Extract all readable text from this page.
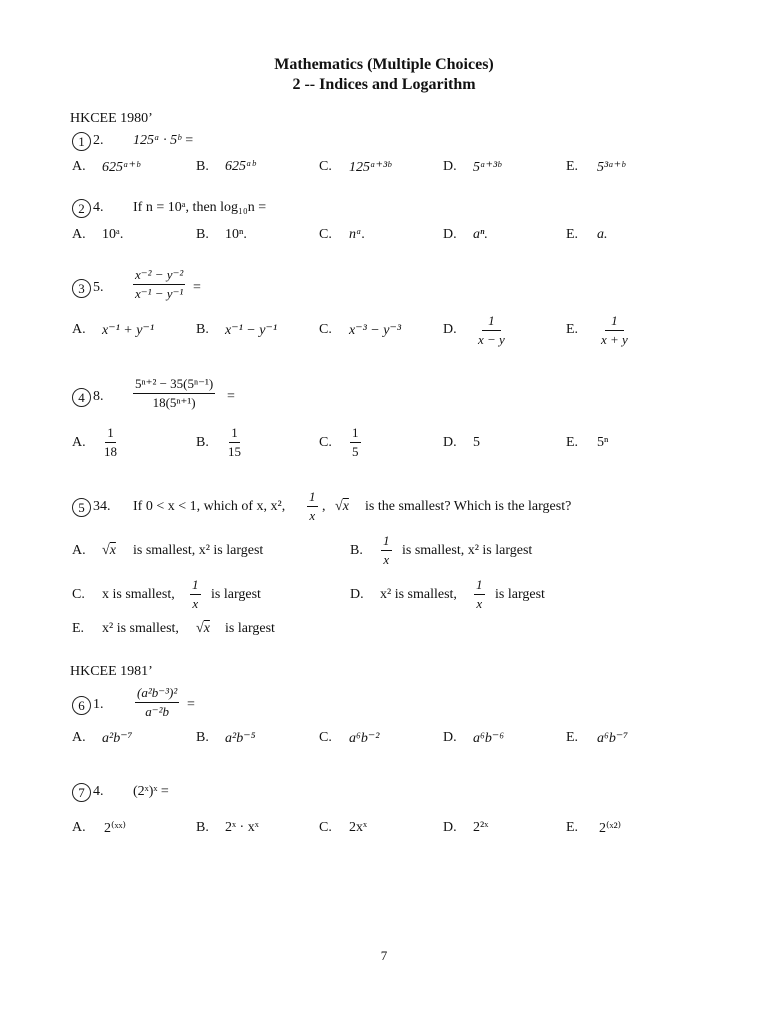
Mathematics (Multiple Choices)
2 -- Indices and Logarithm
HKCEE 1980’
1 2. 125ᵃ · 5ᵇ =
A. 625ᵃ⁺ᵇ	B. 625ᵃᵇ	C. 125ᵃ⁺³ᵇ	D. 5ᵃ⁺³ᵇ	E. 5³ᵃ⁺ᵇ
2 4. If n = 10ᵃ, then log₁₀n =
A. 10ᵃ.	B. 10ⁿ.	C. nᵃ.	D. aⁿ.	E. a.
3 5. $\frac{\text{x⁻² − y⁻²}}{\text{x⁻¹ − y⁻¹}}$ =
A. x⁻¹ + y⁻¹	B. x⁻¹ − y⁻¹	C. x⁻³ − y⁻³	D. $\frac{1}{x - y}$	E. $\frac{1}{x + y}$
4 8. $\frac{\text{5ⁿ⁺² − 35(5ⁿ⁻¹)}}{\text{18(5ⁿ⁺¹)}}$ =
A. $\frac{1}{18}$	B. $\frac{1}{15}$	C. $\frac{1}{5}$	D. 5	E. 5ⁿ
5 34. If 0 < x < 1, which of x, x², $\frac{1}{x}$ , √x is the smallest? Which is the largest?
A. √x is smallest, x² is largest	B. $\frac{1}{x}$ is smallest, x² is largest
C. x is smallest, $\frac{1}{x}$ is largest	D. x² is smallest, $\frac{1}{x}$ is largest
E. x² is smallest, √x is largest
HKCEE 1981’
6 1. $\frac{\text{(a²b⁻³)²}}{\text{a⁻²b}}$ =
A. a²b⁻⁷	B. a²b⁻⁵	C. a⁶b⁻²	D. a⁶b⁻⁶	E. a⁶b⁻⁷
7 4. (2ˣ)ˣ =
A. 2⁽ˣˣ⁾	B. 2ˣ · xˣ	C. 2xˣ	D. 2²ˣ	E. 2⁽ˣ²⁾
7
